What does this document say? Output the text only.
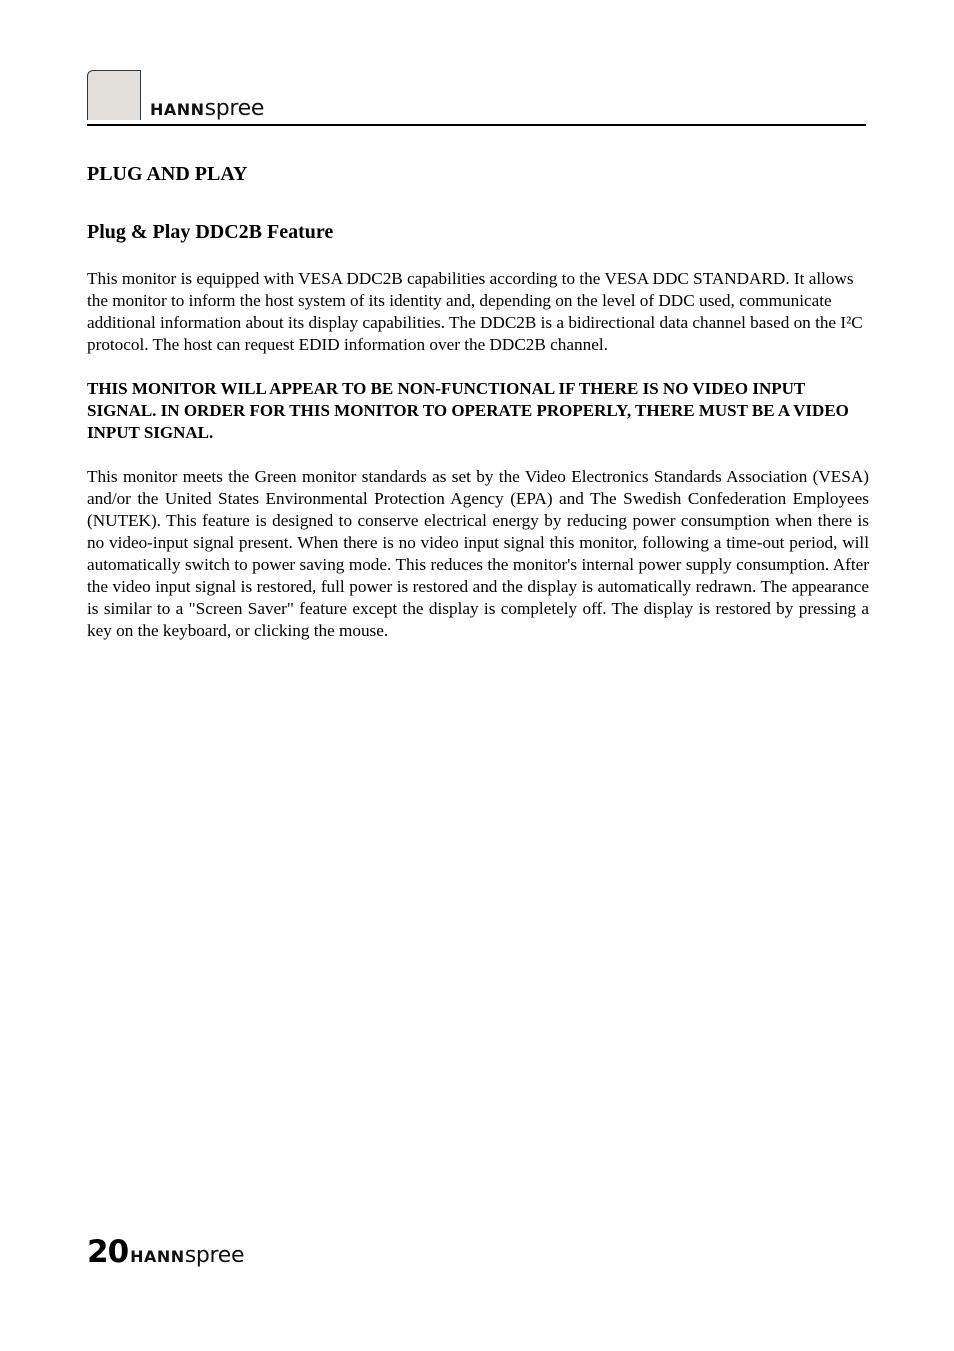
HANNspree
PLUG AND PLAY
Plug & Play DDC2B Feature

This monitor is equipped with VESA DDC2B capabilities according to the VESA DDC STANDARD. It allows the monitor to inform the host system of its identity and, depending on the level of DDC used, communicate additional information about its display capabilities. The DDC2B is a bidirectional data channel based on the I²C protocol. The host can request EDID information over the DDC2B channel.

THIS MONITOR WILL APPEAR TO BE NON-FUNCTIONAL IF THERE IS NO VIDEO INPUT SIGNAL. IN ORDER FOR THIS MONITOR TO OPERATE PROPERLY, THERE MUST BE A VIDEO INPUT SIGNAL.

This monitor meets the Green monitor standards as set by the Video Electronics Standards Association (VESA) and/or the United States Environmental Protection Agency (EPA) and The Swedish Confederation Employees (NUTEK). This feature is designed to conserve electrical energy by reducing power consumption when there is no video-input signal present. When there is no video input signal this monitor, following a time-out period, will automatically switch to power saving mode. This reduces the monitor's internal power supply consumption. After the video input signal is restored, full power is restored and the display is automatically redrawn. The appearance is similar to a "Screen Saver" feature except the display is completely off. The display is restored by pressing a key on the keyboard, or clicking the mouse.

20 HANNspree
